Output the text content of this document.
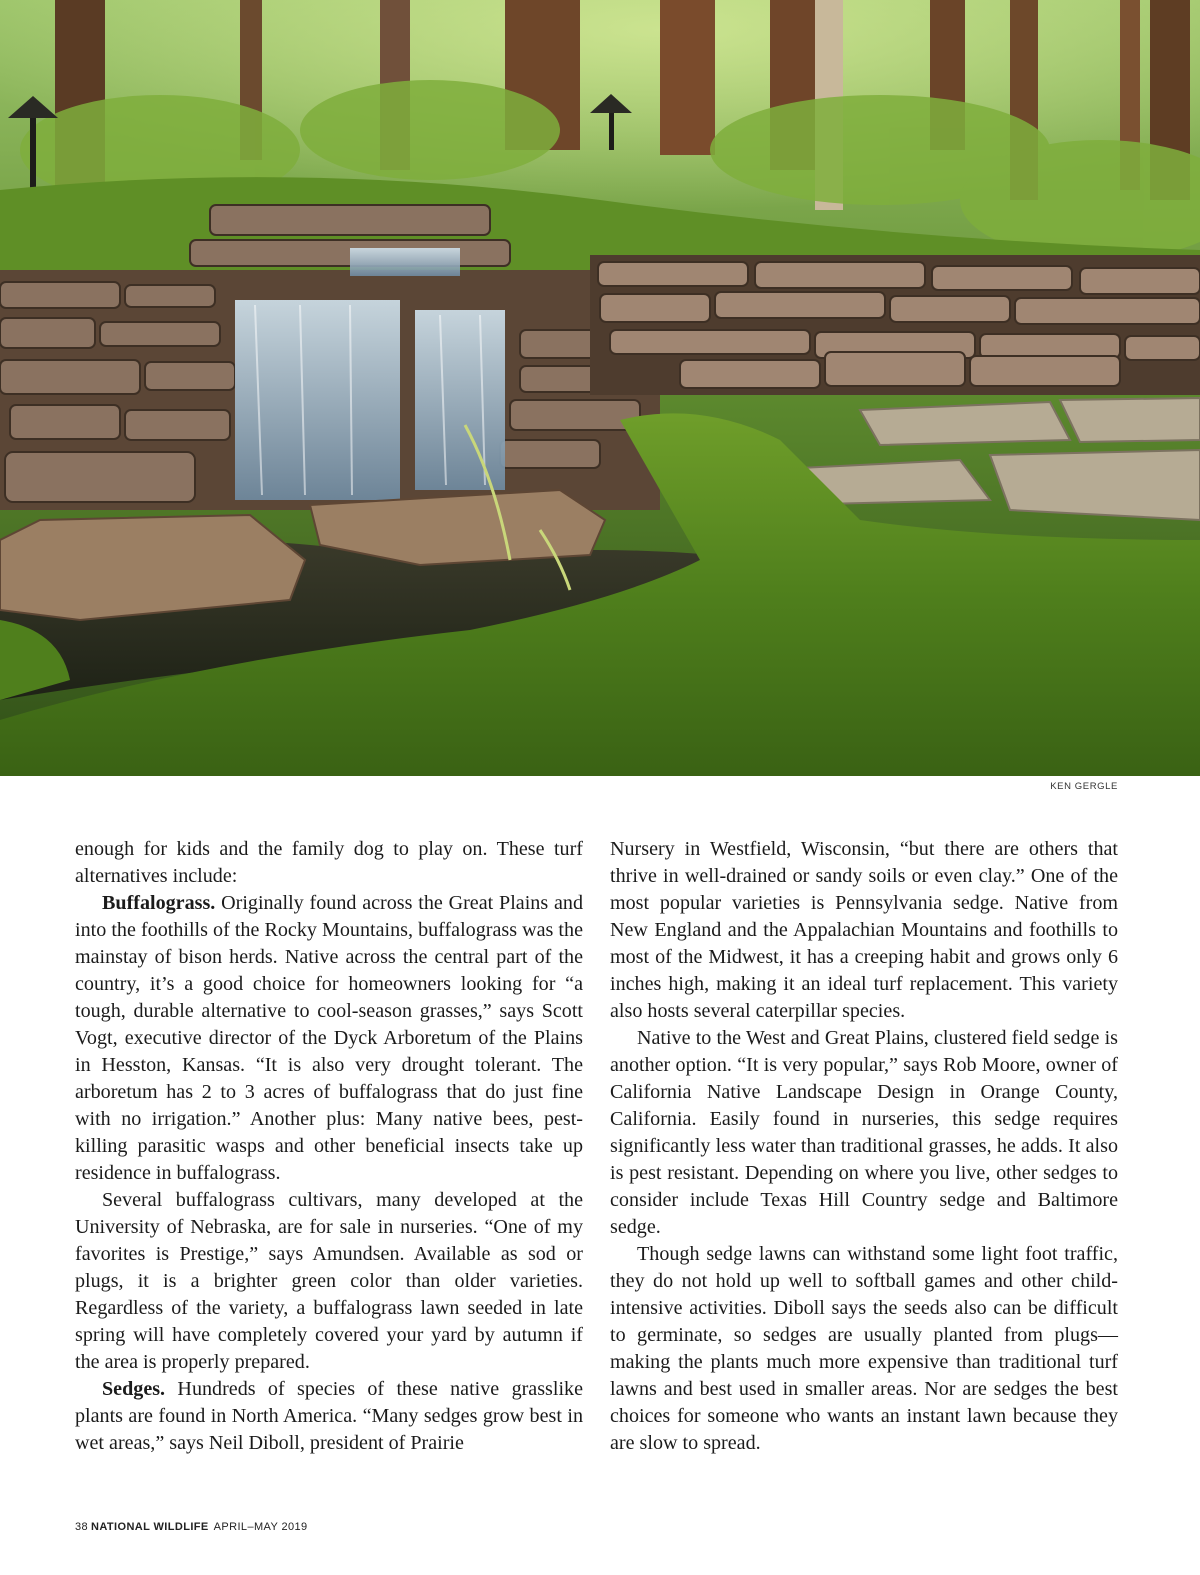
KEN GERGLE

enough for kids and the family dog to play on. These turf alternatives include:

Buffalograss. Originally found across the Great Plains and into the foothills of the Rocky Mountains, buffalograss was the mainstay of bison herds. Native across the central part of the country, it’s a good choice for homeowners looking for “a tough, durable alternative to cool-season grasses,” says Scott Vogt, executive director of the Dyck Arboretum of the Plains in Hesston, Kansas. “It is also very drought tolerant. The arboretum has 2 to 3 acres of buffalograss that do just fine with no irrigation.” Another plus: Many native bees, pest-killing parasitic wasps and other beneficial insects take up residence in buffalograss.

Several buffalograss cultivars, many developed at the University of Nebraska, are for sale in nurseries. “One of my favorites is Prestige,” says Amundsen. Available as sod or plugs, it is a brighter green color than older varieties. Regardless of the variety, a buffalograss lawn seeded in late spring will have completely covered your yard by autumn if the area is properly prepared.

Sedges. Hundreds of species of these native grasslike plants are found in North America. “Many sedges grow best in wet areas,” says Neil Diboll, president of Prairie

Nursery in Westfield, Wisconsin, “but there are others that thrive in well-drained or sandy soils or even clay.” One of the most popular varieties is Pennsylvania sedge. Native from New England and the Appalachian Mountains and foothills to most of the Midwest, it has a creeping habit and grows only 6 inches high, making it an ideal turf replacement. This variety also hosts several caterpillar species.

Native to the West and Great Plains, clustered field sedge is another option. “It is very popular,” says Rob Moore, owner of California Native Landscape Design in Orange County, California. Easily found in nurseries, this sedge requires significantly less water than traditional grasses, he adds. It also is pest resistant. Depending on where you live, other sedges to consider include Texas Hill Country sedge and Baltimore sedge.

Though sedge lawns can withstand some light foot traffic, they do not hold up well to softball games and other child-intensive activities. Diboll says the seeds also can be difficult to germinate, so sedges are usually planted from plugs—making the plants much more expensive than traditional turf lawns and best used in smaller areas. Nor are sedges the best choices for someone who wants an instant lawn because they are slow to spread.

38 NATIONAL WILDLIFE APRIL–MAY 2019
